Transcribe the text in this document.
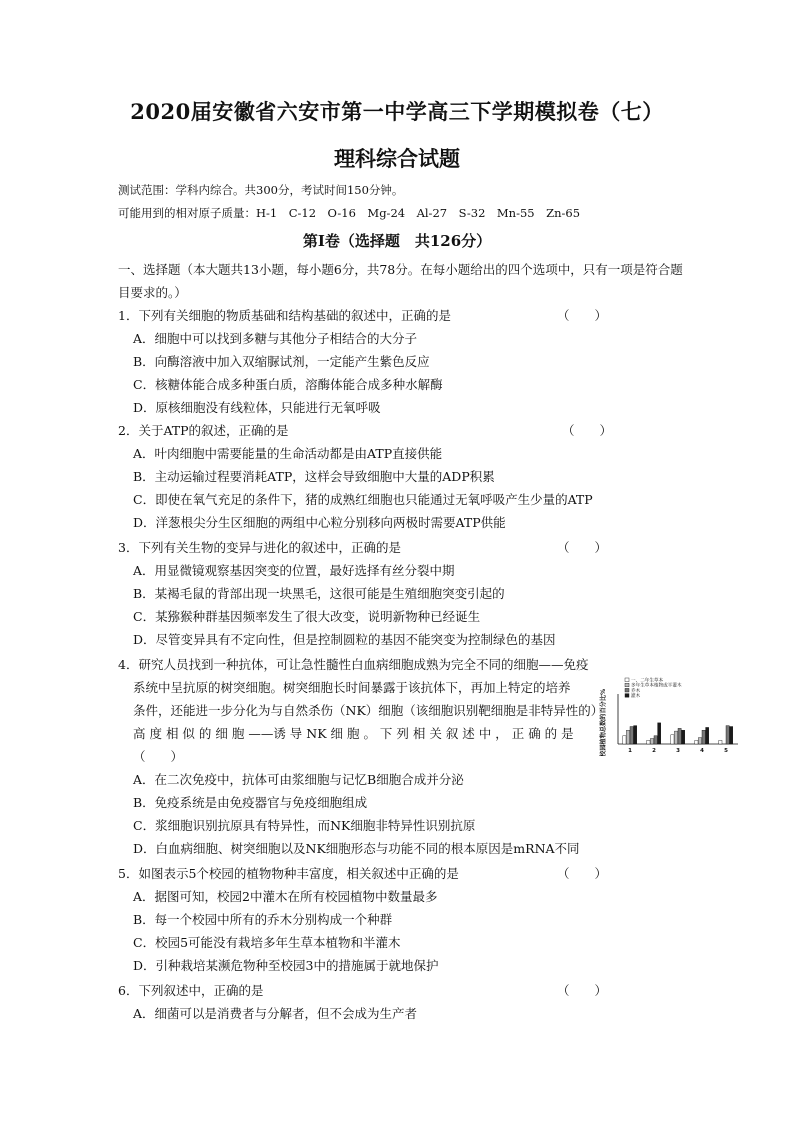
2020届安徽省六安市第一中学高三下学期模拟卷（七）
理科综合试题
测试范围：学科内综合。共300分，考试时间150分钟。
可能用到的相对原子质量：H-1　C-12　O-16　Mg-24　Al-27　S-32　Mn-55　Zn-65
第Ⅰ卷（选择题　共126分）
一、选择题（本大题共13小题，每小题6分，共78分。在每小题给出的四个选项中，只有一项是符合题
目要求的。）
1．下列有关细胞的物质基础和结构基础的叙述中，正确的是	（　　）
A．细胞中可以找到多糖与其他分子相结合的大分子
B．向酶溶液中加入双缩脲试剂，一定能产生紫色反应
C．核糖体能合成多种蛋白质，溶酶体能合成多种水解酶
D．原核细胞没有线粒体，只能进行无氧呼吸
2．关于ATP的叙述，正确的是	（　　）
A．叶肉细胞中需要能量的生命活动都是由ATP直接供能
B．主动运输过程要消耗ATP，这样会导致细胞中大量的ADP积累
C．即使在氧气充足的条件下，猪的成熟红细胞也只能通过无氧呼吸产生少量的ATP
D．洋葱根尖分生区细胞的两组中心粒分别移向两极时需要ATP供能
3．下列有关生物的变异与进化的叙述中，正确的是	（　　）
A．用显微镜观察基因突变的位置，最好选择有丝分裂中期
B．某褐毛鼠的背部出现一块黑毛，这很可能是生殖细胞突变引起的
C．某猕猴种群基因频率发生了很大改变，说明新物种已经诞生
D．尽管变异具有不定向性，但是控制圆粒的基因不能突变为控制绿色的基因
4．研究人员找到一种抗体，可让急性髓性白血病细胞成熟为完全不同的细胞——免疫
系统中呈抗原的树突细胞。树突细胞长时间暴露于该抗体下，再加上特定的培养
条件，还能进一步分化为与自然杀伤（NK）细胞（该细胞识别靶细胞是非特异性的）
高 度 相 似 的 细 胞 ——诱 导 NK 细 胞 。 下 列 相 关 叙 述 中 ， 正 确 的 是
（　　）
A．在二次免疫中，抗体可由浆细胞与记忆B细胞合成并分泌
B．免疫系统是由免疫器官与免疫细胞组成
C．浆细胞识别抗原具有特异性，而NK细胞非特异性识别抗原
D．白血病细胞、树突细胞以及NK细胞形态与功能不同的根本原因是mRNA不同
占本校园植物总数的百分比%
一、二年生草本
多年生草本植物或半灌木
乔木
灌木
1	2	3	4	5
5．如图表示5个校园的植物物种丰富度，相关叙述中正确的是	（　　）
A．据图可知，校园2中灌木在所有校园植物中数量最多
B．每一个校园中所有的乔木分别构成一个种群
C．校园5可能没有栽培多年生草本植物和半灌木
D．引种栽培某濒危物种至校园3中的措施属于就地保护
6．下列叙述中，正确的是	（　　）
A．细菌可以是消费者与分解者，但不会成为生产者
